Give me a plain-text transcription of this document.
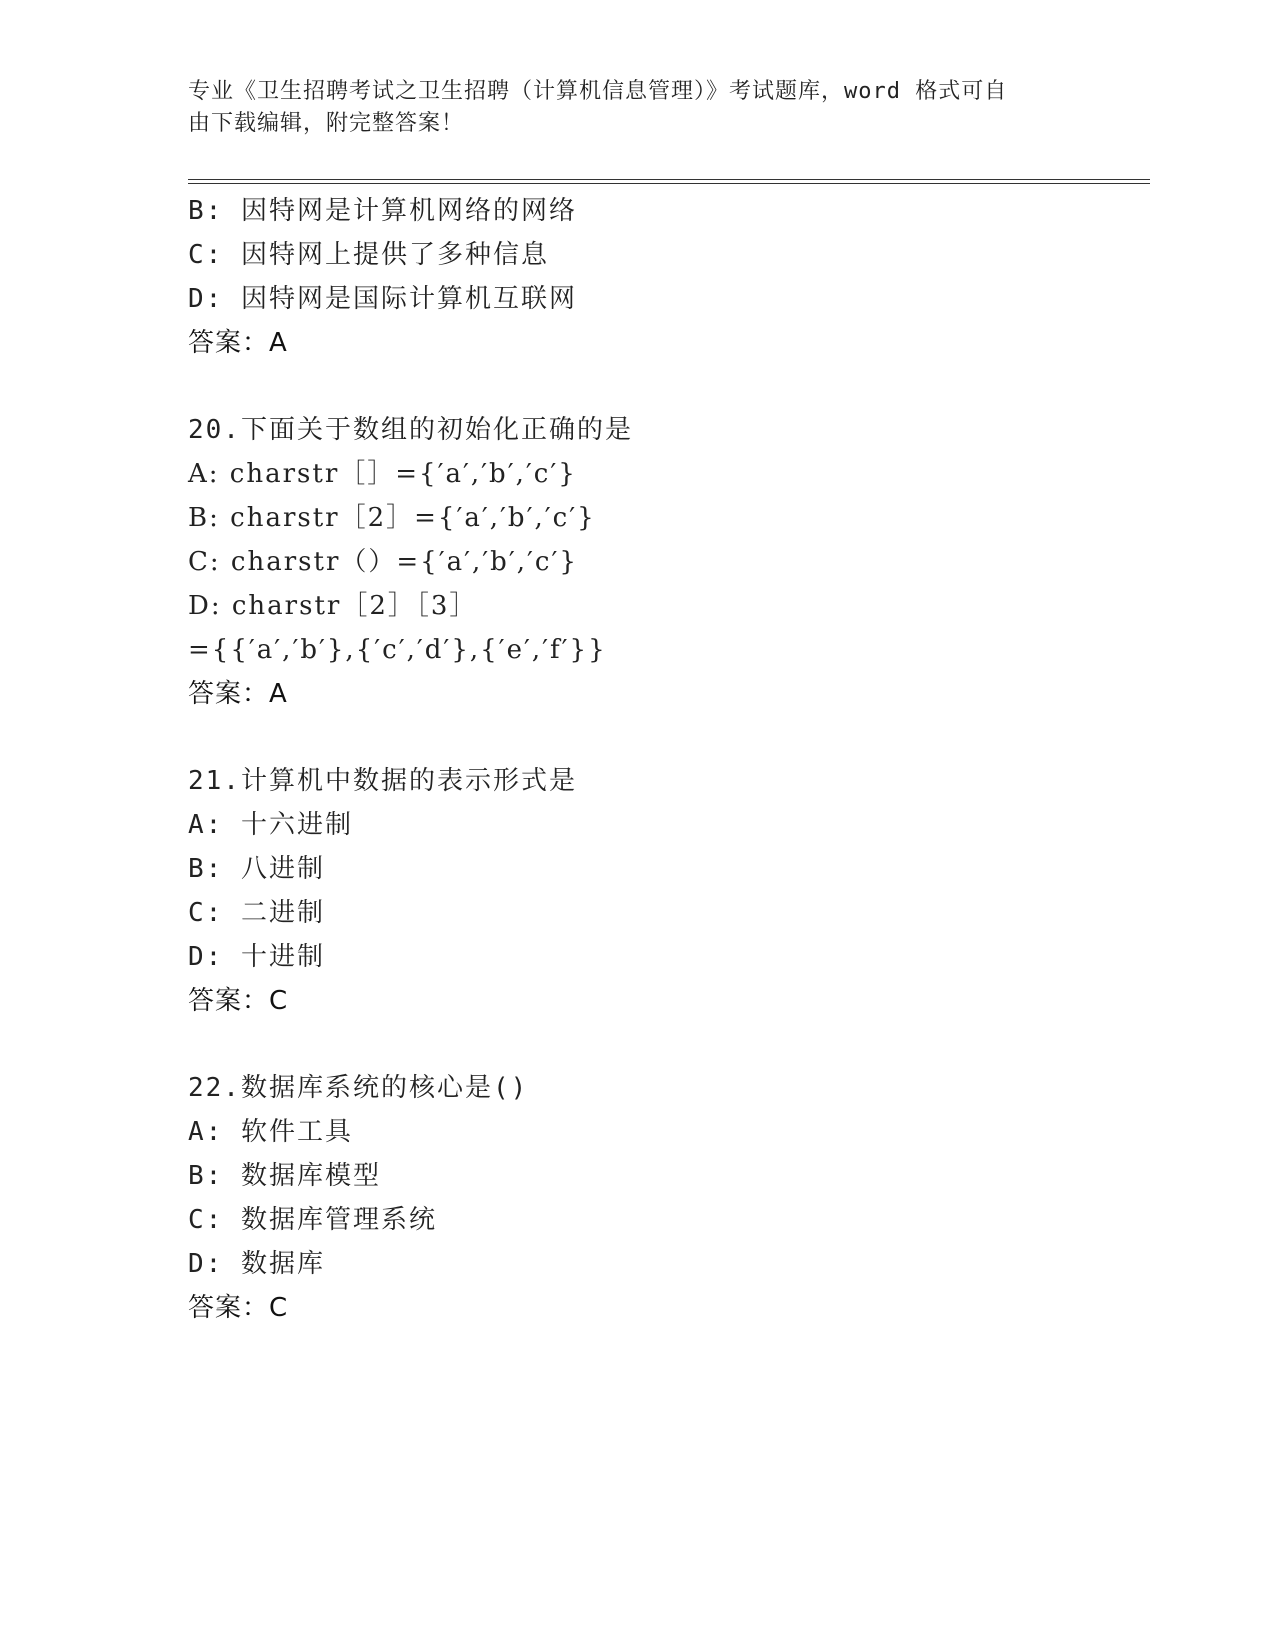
专业《卫生招聘考试之卫生招聘（计算机信息管理）》考试题库，word 格式可自
由下载编辑，附完整答案！
B: 因特网是计算机网络的网络
C: 因特网上提供了多种信息
D: 因特网是国际计算机互联网
答案：A
20.下面关于数组的初始化正确的是
A: charstr［］={′a′,′b′,′c′}
B: charstr［2］={′a′,′b′,′c′}
C: charstr（）={′a′,′b′,′c′}
D: charstr［2］［3］
={{′a′,′b′},{′c′,′d′},{′e′,′f′}}
答案：A
21.计算机中数据的表示形式是
A: 十六进制
B: 八进制
C: 二进制
D: 十进制
答案：C
22.数据库系统的核心是()
A: 软件工具
B: 数据库模型
C: 数据库管理系统
D: 数据库
答案：C
